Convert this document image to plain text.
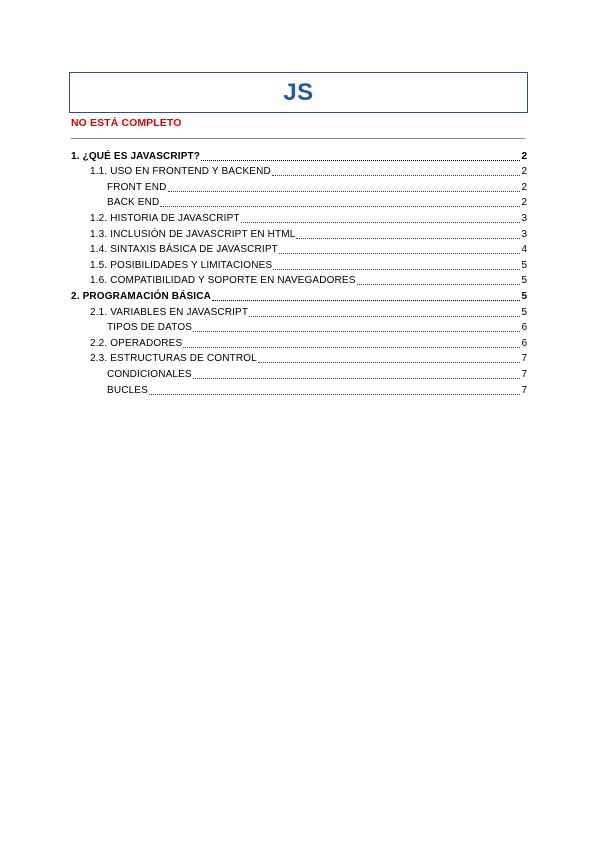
JS
NO ESTÁ COMPLETO
1. ¿QUÉ ES JAVASCRIPT?	2
1.1. USO EN FRONTEND Y BACKEND	2
FRONT END	2
BACK END	2
1.2. HISTORIA DE JAVASCRIPT	3
1.3. INCLUSIÓN DE JAVASCRIPT EN HTML	3
1.4. SINTAXIS BÁSICA DE JAVASCRIPT	4
1.5. POSIBILIDADES Y LIMITACIONES	5
1.6. COMPATIBILIDAD Y SOPORTE EN NAVEGADORES	5
2. PROGRAMACIÓN BÁSICA	5
2.1. VARIABLES EN JAVASCRIPT	5
TIPOS DE DATOS	6
2.2. OPERADORES	6
2.3. ESTRUCTURAS DE CONTROL	7
CONDICIONALES	7
BUCLES	7
